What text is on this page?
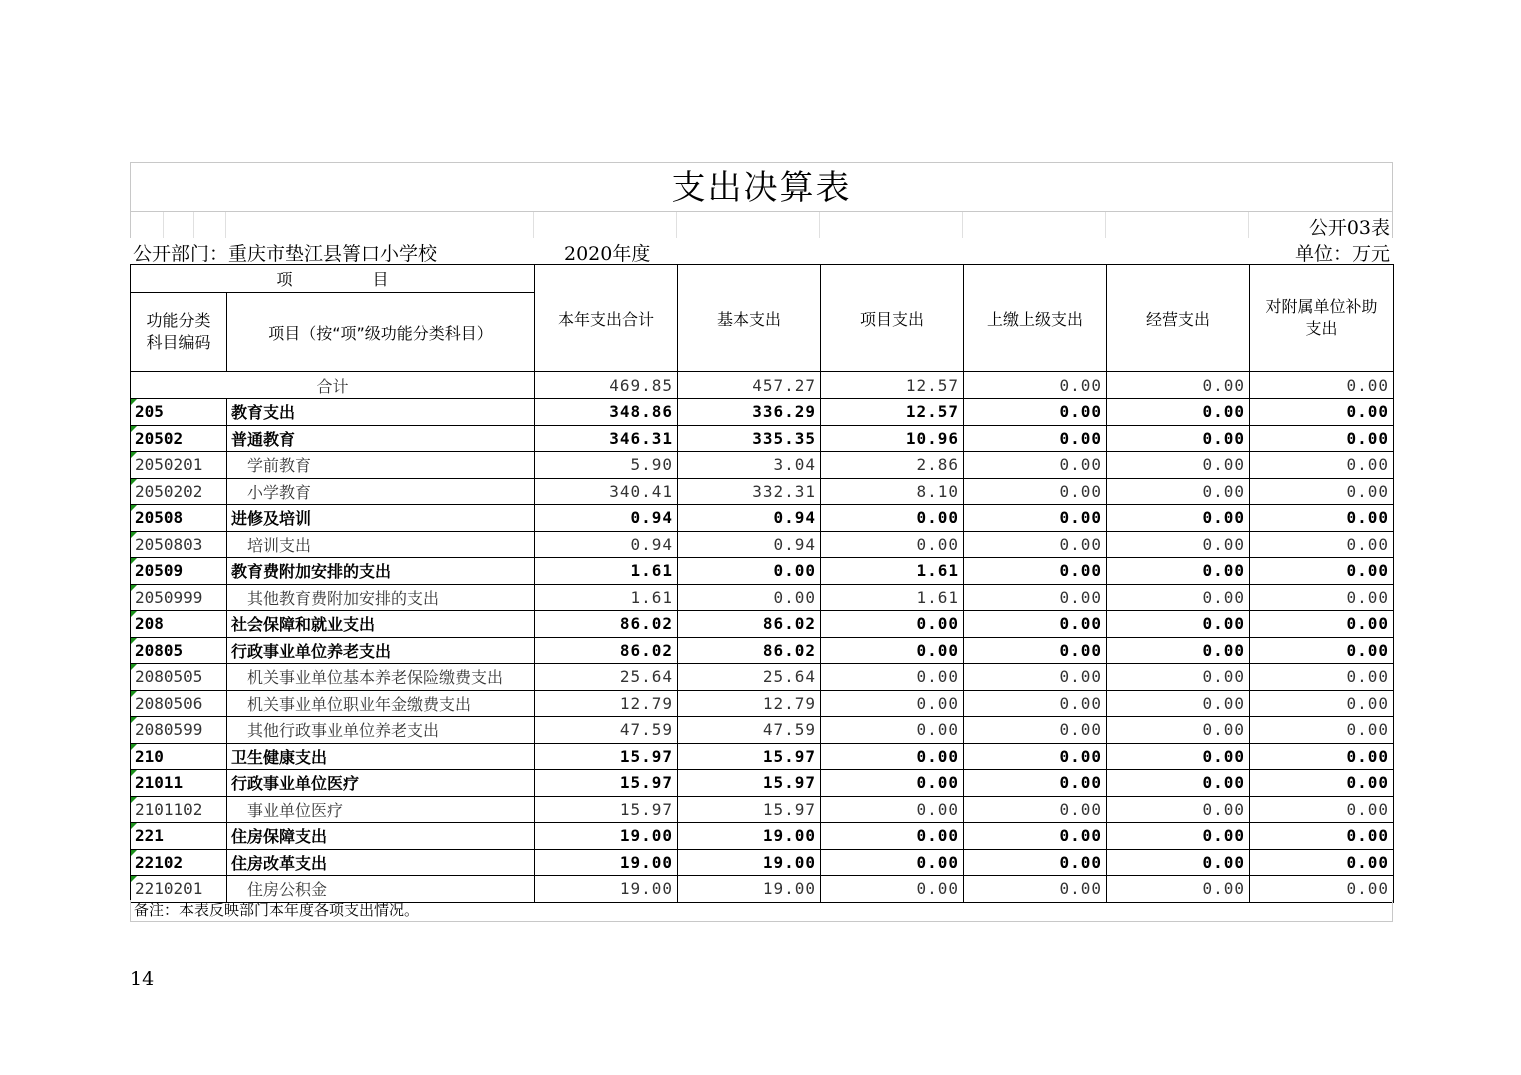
支出决算表
公开03表
公开部门：重庆市垫江县箐口小学校	2020年度	单位：万元
项　　　　　目		本年支出合计	基本支出	项目支出	上缴上级支出	经营支出	对附属单位补助
支出
功能分类
科目编码	项目（按“项”级功能分类科目）						
合计		469.85	457.27	12.57	0.00	0.00	0.00
205	教育支出	348.86	336.29	12.57	0.00	0.00	0.00
20502	普通教育	346.31	335.35	10.96	0.00	0.00	0.00
2050201	学前教育	5.90	3.04	2.86	0.00	0.00	0.00
2050202	小学教育	340.41	332.31	8.10	0.00	0.00	0.00
20508	进修及培训	0.94	0.94	0.00	0.00	0.00	0.00
2050803	培训支出	0.94	0.94	0.00	0.00	0.00	0.00
20509	教育费附加安排的支出	1.61	0.00	1.61	0.00	0.00	0.00
2050999	其他教育费附加安排的支出	1.61	0.00	1.61	0.00	0.00	0.00
208	社会保障和就业支出	86.02	86.02	0.00	0.00	0.00	0.00
20805	行政事业单位养老支出	86.02	86.02	0.00	0.00	0.00	0.00
2080505	机关事业单位基本养老保险缴费支出	25.64	25.64	0.00	0.00	0.00	0.00
2080506	机关事业单位职业年金缴费支出	12.79	12.79	0.00	0.00	0.00	0.00
2080599	其他行政事业单位养老支出	47.59	47.59	0.00	0.00	0.00	0.00
210	卫生健康支出	15.97	15.97	0.00	0.00	0.00	0.00
21011	行政事业单位医疗	15.97	15.97	0.00	0.00	0.00	0.00
2101102	事业单位医疗	15.97	15.97	0.00	0.00	0.00	0.00
221	住房保障支出	19.00	19.00	0.00	0.00	0.00	0.00
22102	住房改革支出	19.00	19.00	0.00	0.00	0.00	0.00
2210201	住房公积金	19.00	19.00	0.00	0.00	0.00	0.00
备注：本表反映部门本年度各项支出情况。
14
